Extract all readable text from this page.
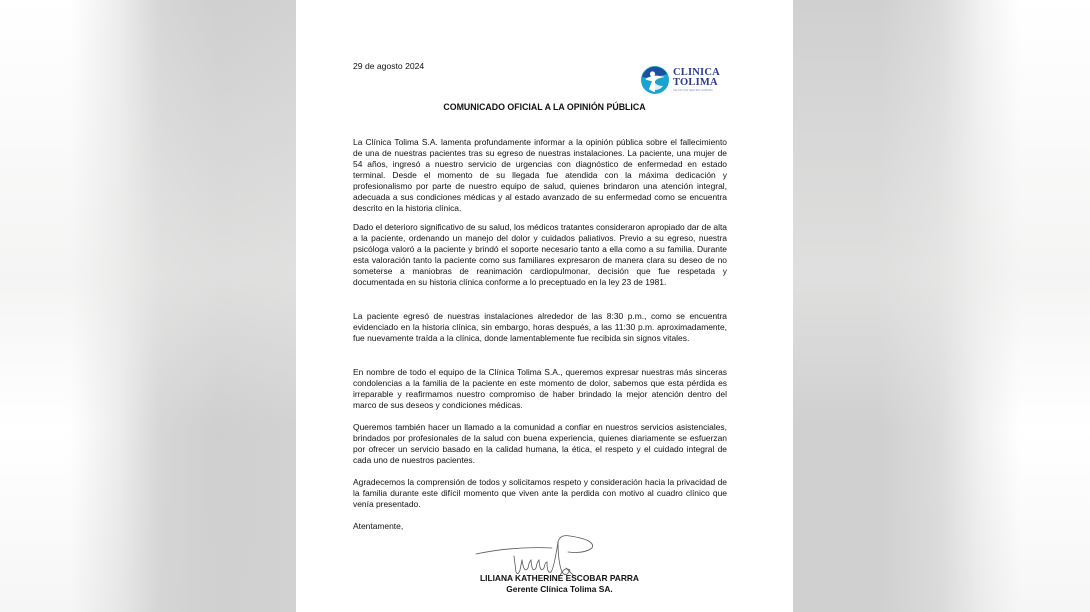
29 de agosto 2024
CLINICA
TOLIMA
SALUD CON SENTIDO HUMANO
COMUNICADO OFICIAL A LA OPINIÓN PÚBLICA

La Clínica Tolima S.A. lamenta profundamente informar a la opinión pública sobre el fallecimiento de una de nuestras pacientes tras su egreso de nuestras instalaciones. La paciente, una mujer de 54 años, ingresó a nuestro servicio de urgencias con diagnóstico de enfermedad en estado terminal. Desde el momento de su llegada fue atendida con la máxima dedicación y profesionalismo por parte de nuestro equipo de salud, quienes brindaron una atención integral, adecuada a sus condiciones médicas y al estado avanzado de su enfermedad como se encuentra descrito en la historia clínica.

Dado el deterioro significativo de su salud, los médicos tratantes consideraron apropiado dar de alta a la paciente, ordenando un manejo del dolor y cuidados paliativos. Previo a su egreso, nuestra psicóloga valoró a la paciente y brindó el soporte necesario tanto a ella como a su familia. Durante esta valoración tanto la paciente como sus familiares expresaron de manera clara su deseo de no someterse a maniobras de reanimación cardiopulmonar, decisión que fue respetada y documentada en su historia clínica conforme a lo preceptuado en la ley 23 de 1981.

La paciente egresó de nuestras instalaciones alrededor de las 8:30 p.m., como se encuentra evidenciado en la historia clínica, sin embargo, horas después, a las 11:30 p.m. aproximadamente, fue nuevamente traída a la clínica, donde lamentablemente fue recibida sin signos vitales.

En nombre de todo el equipo de la Clínica Tolima S.A., queremos expresar nuestras más sinceras condolencias a la familia de la paciente en este momento de dolor, sabemos que esta pérdida es irreparable y reafirmamos nuestro compromiso de haber brindado la mejor atención dentro del marco de sus deseos y condiciones médicas.

Queremos también hacer un llamado a la comunidad a confiar en nuestros servicios asistenciales, brindados por profesionales de la salud con buena experiencia, quienes diariamente se esfuerzan por ofrecer un servicio basado en la calidad humana, la ética, el respeto y el cuidado integral de cada uno de nuestros pacientes.

Agradecemos la comprensión de todos y solicitamos respeto y consideración hacia la privacidad de la familia durante este difícil momento que viven ante la perdida con motivo al cuadro clínico que venía presentado.

Atentamente,
LILIANA KATHERINE ESCOBAR PARRA
Gerente Clínica Tolima SA.
